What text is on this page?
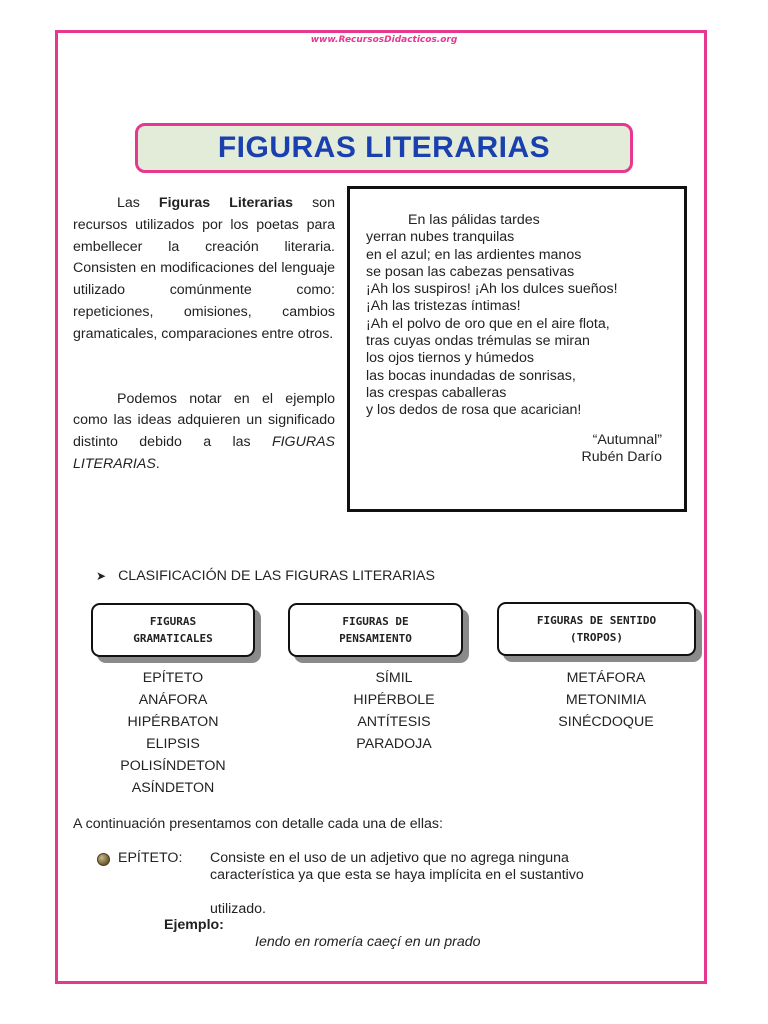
www.RecursosDidacticos.org
FIGURAS LITERARIAS

Las Figuras Literarias son recursos utilizados por los poetas para embellecer la creación literaria. Consisten en modificaciones del lenguaje utilizado comúnmente como: repeticiones, omisiones, cambios gramaticales, comparaciones entre otros.

Podemos notar en el ejemplo como las ideas adquieren un significado distinto debido a las FIGURAS LITERARIAS.

En las pálidas tardes
yerran nubes tranquilas
en el azul; en las ardientes manos
se posan las cabezas pensativas
¡Ah los suspiros! ¡Ah los dulces sueños!
¡Ah las tristezas íntimas!
¡Ah el polvo de oro que en el aire flota,
tras cuyas ondas trémulas se miran
los ojos tiernos y húmedos
las bocas inundadas de sonrisas,
las crespas caballeras
y los dedos de rosa que acarician!
“Autumnal”
Rubén Darío
➤ CLASIFICACIÓN DE LAS FIGURAS LITERARIAS
FIGURAS
GRAMATICALES
FIGURAS DE
PENSAMIENTO
FIGURAS DE SENTIDO
(TROPOS)
EPÍTETO
ANÁFORA
HIPÉRBATON
ELIPSIS
POLISÍNDETON
ASÍNDETON
SÍMIL
HIPÉRBOLE
ANTÍTESIS
PARADOJA
METÁFORA
METONIMIA
SINÉCDOQUE
A continuación presentamos con detalle cada una de ellas:
EPÍTETO: Consiste en el uso de un adjetivo que no agrega ninguna
característica ya que esta se haya implícita en el sustantivo
utilizado.
Ejemplo:
Iendo en romería caeçí en un prado
